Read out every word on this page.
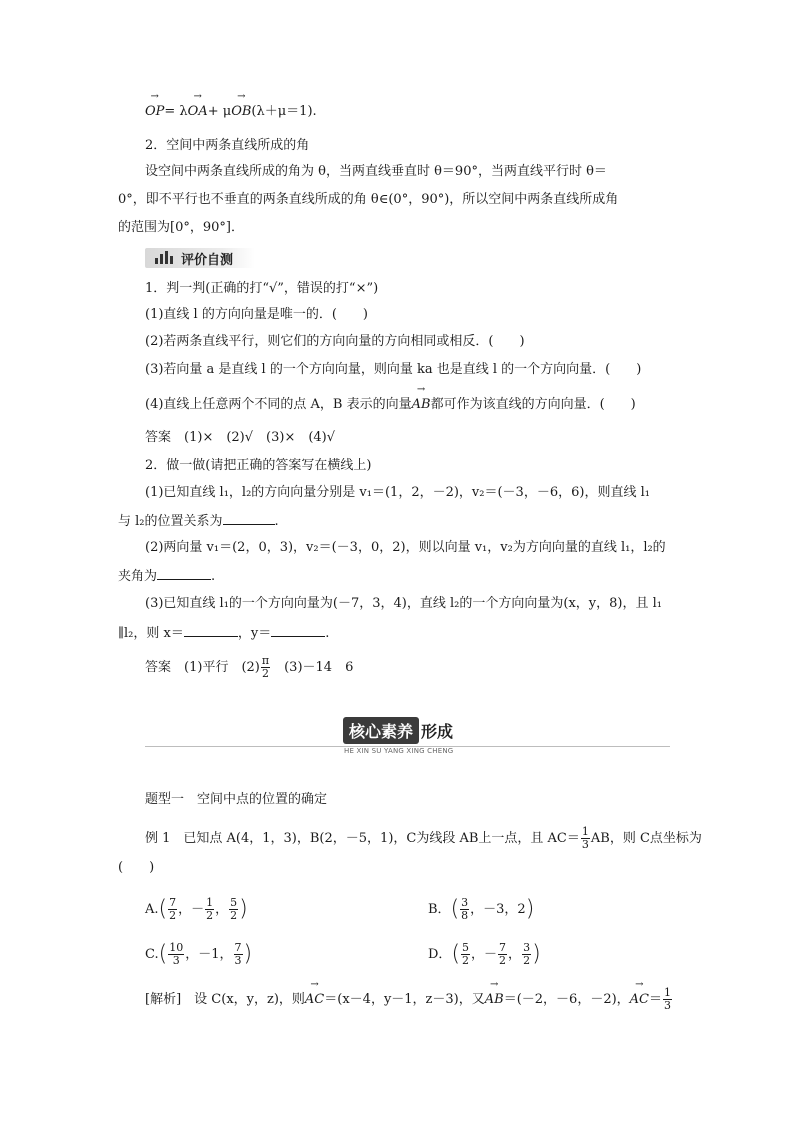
→ OP= λ→ OA+ μ→ OB(λ＋μ＝1).
2．空间中两条直线所成的角
设空间中两条直线所成的角为 θ，当两直线垂直时 θ＝90°，当两直线平行时 θ＝
0°，即不平行也不垂直的两条直线所成的角 θ∈(0°，90°)，所以空间中两条直线所成角
的范围为[0°，90°]．
评价自测
1．判一判(正确的打“√”，错误的打“×”)
(1)直线 l 的方向向量是唯一的．(　　)
(2)若两条直线平行，则它们的方向向量的方向相同或相反．(　　)
(3)若向量 a 是直线 l 的一个方向向量，则向量 ka 也是直线 l 的一个方向向量．(　　)
(4)直线上任意两个不同的点 A，B 表示的向量→ AB都可作为该直线的方向向量．(　　)
答案　 (1)×　(2)√　(3)×　(4)√
2．做一做(请把正确的答案写在横线上)
(1)已知直线 l₁，l₂的方向向量分别是 v₁＝(1，2，－2)，v₂＝(－3，－6，6)，则直线 l₁
与 l₂的位置关系为	.
(2)两向量 v₁＝(2，0，3)，v₂＝(－3，0，2)，则以向量 v₁，v₂为方向向量的直线 l₁，l₂的
夹角为	.
(3)已知直线 l₁的一个方向向量为(－7，3，4)，直线 l₂的一个方向向量为(x，y，8)，且 l₁
∥l₂，则 x＝	，y＝	.
答案　 (1)平行　$(2) \frac{\pi}{2}$ 　(3)－14　6
核心素养 形成
HE XIN SU YANG XING CHENG
题型一　空间中点的位置的确定
例 1　已知点 A(4，1，3)，B(2，－5，1)，C为线段 AB上一点，且 $AC= \frac{1}{3}$ AB，则 C点坐标为
(　　)
$A.( \frac{7}{2}$ ，－ $\frac{1}{2}$ ， $\frac{5}{2}$ )	B．( $\frac{3}{8}$ ，－3，2)
$C.( \frac{10}{3}$ ，－1， $\frac{7}{3}$ )	D．( $\frac{5}{2}$ ，－ $\frac{7}{2}$ ， $\frac{3}{2}$ )
[解析]　 设 C(x，y，z)，则→ AC＝(x－4，y－1，z－3)，又→ AB＝(－2，－6，－2)，→ $AC= \frac{1}{3}$
